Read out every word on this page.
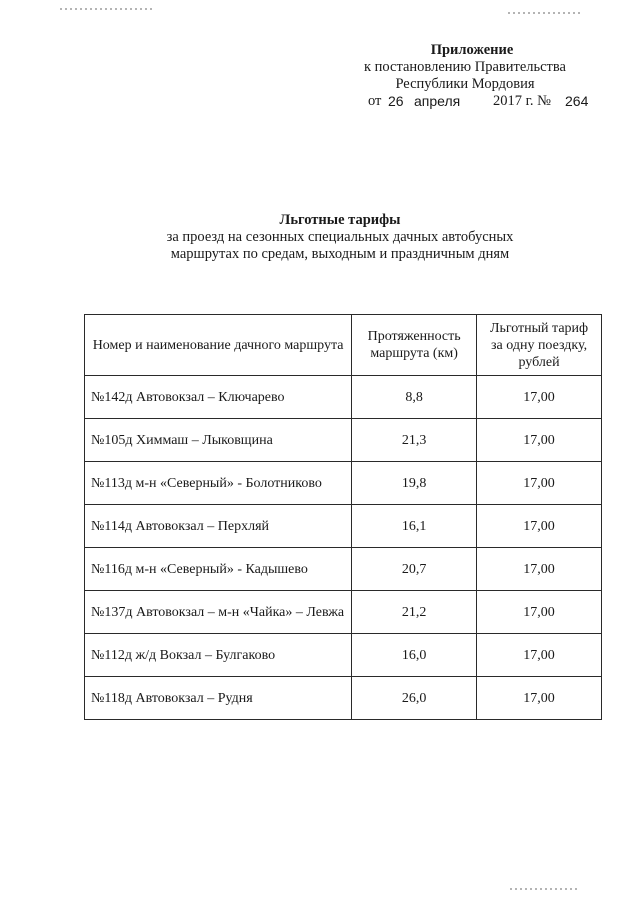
Приложение
к постановлению Правительства
Республики Мордовия
от 26 апреля 2017 г. № 264
Льготные тарифы
за проезд на сезонных специальных дачных автобусных
маршрутах по средам, выходным и праздничным дням
Номер и наименование дачного маршрута	Протяженность маршрута (км)	Льготный тариф за одну поездку, рублей
№142д Автовокзал – Ключарево	8,8	17,00
№105д Химмаш – Лыковщина	21,3	17,00
№113д м-н «Северный» - Болотниково	19,8	17,00
№114д Автовокзал – Перхляй	16,1	17,00
№116д м-н «Северный» - Кадышево	20,7	17,00
№137д Автовокзал – м-н «Чайка» – Левжа	21,2	17,00
№112д ж/д Вокзал – Булгаково	16,0	17,00
№118д Автовокзал – Рудня	26,0	17,00
